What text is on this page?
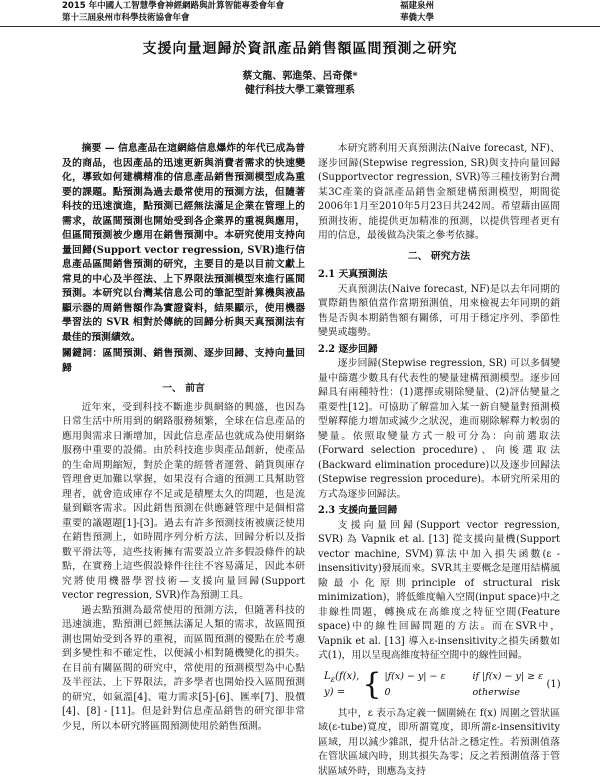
2015 年中國人工智慧學會神經網路與計算智能專委會年會
第十三屆泉州市科學技術協會年會
福建泉州
華僑大學
支援向量迴歸於資訊產品銷售額區間預測之研究
蔡文龍、郭進榮、呂奇傑*
健行科技大學工業管理系

摘要 — 信息產品在這網絡信息爆炸的年代已成為普及的商品，也因產品的迅速更新與消費者需求的快速變化，導致如何建構精准的信息產品銷售預測模型成為重要的課題。點預測為過去最常使用的預測方法，但隨著科技的迅速演進，點預測已經無法滿足企業在管理上的需求，故區間預測也開始受到各企業界的重視與應用，但區間預測被少應用在銷售預測中。本研究使用支持向量回歸(Support vector regression, SVR)進行信息產品區間銷售預測的研究，主要目的是以目前文獻上常見的中心及半徑法、上下界限法預測模型來進行區間預測。本研究以台灣某信息公司的筆記型計算機與液晶顯示器的周銷售額作為實證資料，結果顯示，使用機器學習法的 SVR 相對於傳統的回歸分析與天真預測法有最佳的預測績效。

關鍵詞：區間預測、銷售預測、逐步回歸、支持向量回歸

一、 前言

近年來，受到科技不斷進步與網絡的興盛，也因為日常生活中所用到的網路服務頻繁，全球在信息產品的應用與需求日漸增加，因此信息產品也就成為使用網絡服務中重要的設備。由於科技進步與產品創新，使產品的生命周期縮短，對於企業的經營者運營、銷貨與庫存管理會更加難以掌握，如果沒有合適的預測工具幫助管理者，就會造成庫存不足或是積壓太久的問題，也是流量到顧客需求。因此銷售預測在供應鏈管理中是個相當重要的議題題[1]-[3]。過去有許多預測技術被廣泛使用在銷售預測上，如時間序列分析方法、回歸分析以及指數平滑法等，這些技術擁有需要設立許多假設條件的缺點，在實務上這些假設條件往往不容易滿足，因此本研究將使用機器學習技術—支援向量回歸(Support vector regression, SVR)作為預測工具。

過去點預測為最常使用的預測方法，但隨著科技的迅速演進，點預測已經無法滿足人類的需求，故區間預測也開始受到各界的重視，而區間預測的優點在於考慮到多變性和不確定性，以便減小相對隨機變化的損失。在目前有關區間的研究中，常使用的預測模型為中心點及半徑法、上下界限法，許多學者也開始投入區間預測的研究，如氣溫[4]、電力需求[5]-[6]、匯率[7]、股價[4]、[8] - [11]。但是針對信息產品銷售的研究卻非常少見，所以本研究將區間預測使用於銷售預測。

本研究將利用天真預測法(Naive forecast, NF)、逐步回歸(Stepwise regression, SR)與支持向量回歸(Supportvector regression, SVR)等三種技術對台灣某3C產業的資訊產品銷售金額建構預測模型，期間從2006年1月至2010年5月23日共242周。希望藉由區間預測技術，能提供更加精准的預測，以提供管理者更有用的信息，最後做為決策之參考依據。

二、 研究方法

2.1 天真預測法

天真預測法(Naive forecast, NF)是以去年同期的實際銷售額值當作當期預測值，用來檢視去年同期的銷售是否與本期銷售額有關係，可用于穩定序列、季節性變異或趨勢。

2.2 逐步回歸

逐步回歸(Stepwise regression, SR) 可以多個變量中篩選少數具有代表性的變量建構預測模型。逐步回歸具有兩種特性：(1)選擇或剔除變量、(2)評估變量之重要性[12]。可協助了解當加入某一新自變量對預測模型解釋能力增加或減少之狀況，進而剔除解釋力較弱的變量。依照取變量方式一般可分為：向前選取法(Forward selection procedure)、向後選取法(Backward elimination procedure)以及逐步回歸法(Stepwise regression procedure)。本研究所采用的方式為逐步回歸法。

2.3 支援向量回歸

支援向量回歸(Support vector regression, SVR) 為 Vapnik et al. [13] 從支援向量機(Support vector machine, SVM)算法中加入損失函數(ε -insensitivity)發展而來。SVR其主要概念是運用結構風險最小化原則principle of structural risk minimization)，將低維度輸入空間(input space)中之非線性問題，轉換成在高維度之特征空間(Feature space)中的線性回歸問題的方法。而在SVR中，Vapnik et al. [13] 導入ε-insensitivity之損失函數如式(1)，用以呈現高維度特征空間中的線性回歸。

$L_\varepsilon(f(x)$, y) = { |f(x) − y| − ε	if |f(x) − y| ≥ ε
0	otherwise
(1)

其中，ε 表示為定義一個圍繞在 f(x) 周圍之管狀區域(ε-tube)寬度，即所謂寬度，即所謂ε-insensitivity區域，用以減少雜訊，提升估計之穩定性。若預測值落在管狀區域內時，則其損失為零；反之若預測值落于管狀區域外時，則應為支持
